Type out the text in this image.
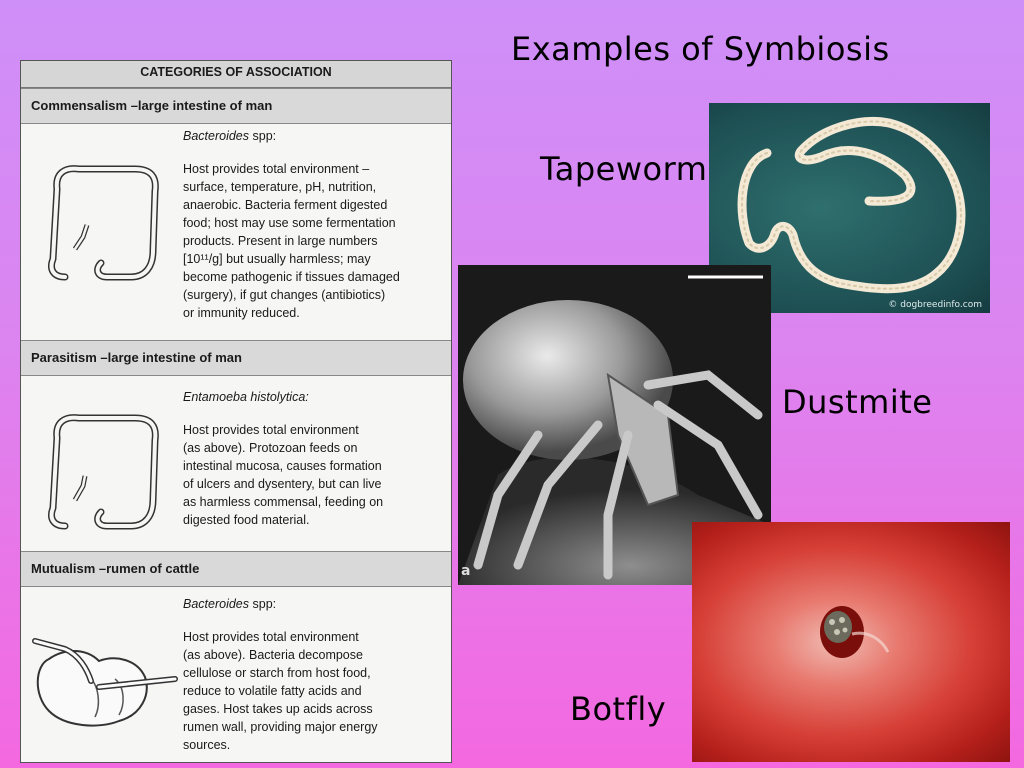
Examples of Symbiosis
Tapeworm
Dustmite
Botfly
CATEGORIES OF ASSOCIATION
Commensalism –large intestine of man
Bacteroides spp:
Host provides total environment –
surface, temperature, pH, nutrition,
anaerobic. Bacteria ferment digested
food; host may use some fermentation
products. Present in large numbers
[10¹¹/g] but usually harmless; may
become pathogenic if tissues damaged
(surgery), if gut changes (antibiotics)
or immunity reduced.
Parasitism –large intestine of man
Entamoeba histolytica:
Host provides total environment
(as above). Protozoan feeds on
intestinal mucosa, causes formation
of ulcers and dysentery, but can live
as harmless commensal, feeding on
digested food material.
Mutualism –rumen of cattle
Bacteroides spp:
Host provides total environment
(as above). Bacteria decompose
cellulose or starch from host food,
reduce to volatile fatty acids and
gases. Host takes up acids across
rumen wall, providing major energy
sources.
© dogbreedinfo.com
a
